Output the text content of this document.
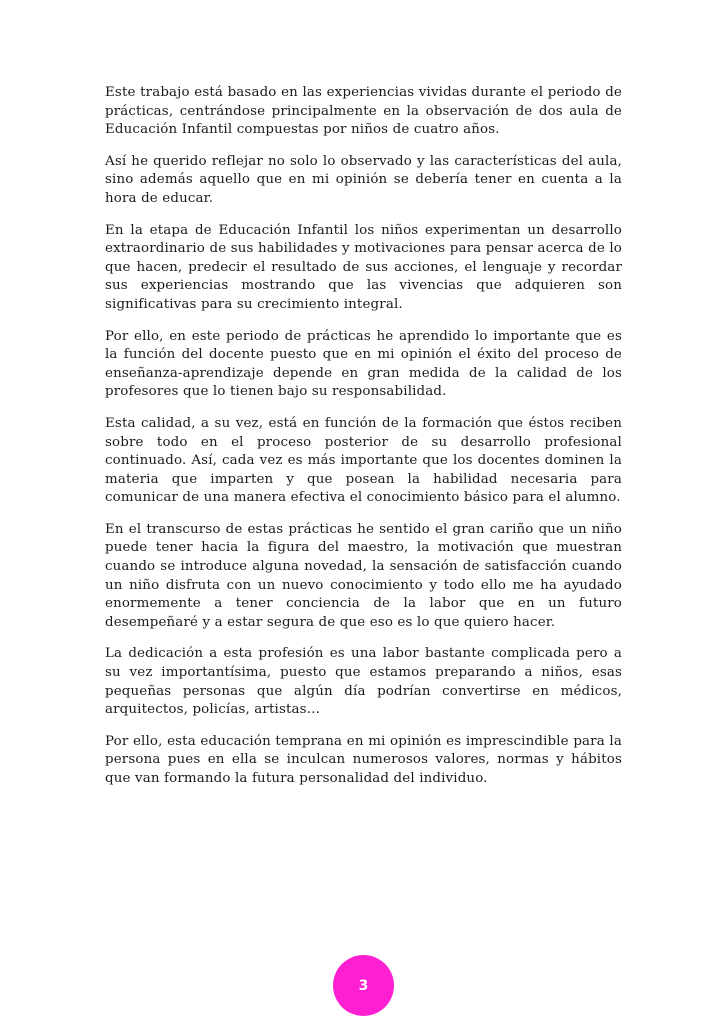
Este trabajo está basado en las experiencias vividas durante el periodo de prácticas, centrándose principalmente en la observación de dos aula de Educación Infantil compuestas por niños de cuatro años.

Así he querido reflejar no solo lo observado y las características del aula, sino además aquello que en mi opinión se debería tener en cuenta a la hora de educar.

En la etapa de Educación Infantil los niños experimentan un desarrollo extraordinario de sus habilidades y motivaciones para pensar acerca de lo que hacen, predecir el resultado de sus acciones, el lenguaje y recordar sus experiencias mostrando que las vivencias que adquieren son significativas para su crecimiento integral.

Por ello, en este periodo de prácticas he aprendido lo importante que es la función del docente puesto que en mi opinión el éxito del proceso de enseñanza-aprendizaje depende en gran medida de la calidad de los profesores que lo tienen bajo su responsabilidad.

Esta calidad, a su vez, está en función de la formación que éstos reciben sobre todo en el proceso posterior de su desarrollo profesional continuado. Así, cada vez es más importante que los docentes dominen la materia que imparten y que posean la habilidad necesaria para comunicar de una manera efectiva el conocimiento básico para el alumno.

En el transcurso de estas prácticas he sentido el gran cariño que un niño puede tener hacia la figura del maestro, la motivación que muestran cuando se introduce alguna novedad, la sensación de satisfacción cuando un niño disfruta con un nuevo conocimiento y todo ello me ha ayudado enormemente a tener conciencia de la labor que en un futuro desempeñaré y a estar segura de que eso es lo que quiero hacer.

La dedicación a esta profesión es una labor bastante complicada pero a su vez importantísima, puesto que estamos preparando a niños, esas pequeñas personas que algún día podrían convertirse en médicos, arquitectos, policías, artistas…

Por ello, esta educación temprana en mi opinión es imprescindible para la persona pues en ella se inculcan numerosos valores, normas y hábitos que van formando la futura personalidad del individuo.

3
